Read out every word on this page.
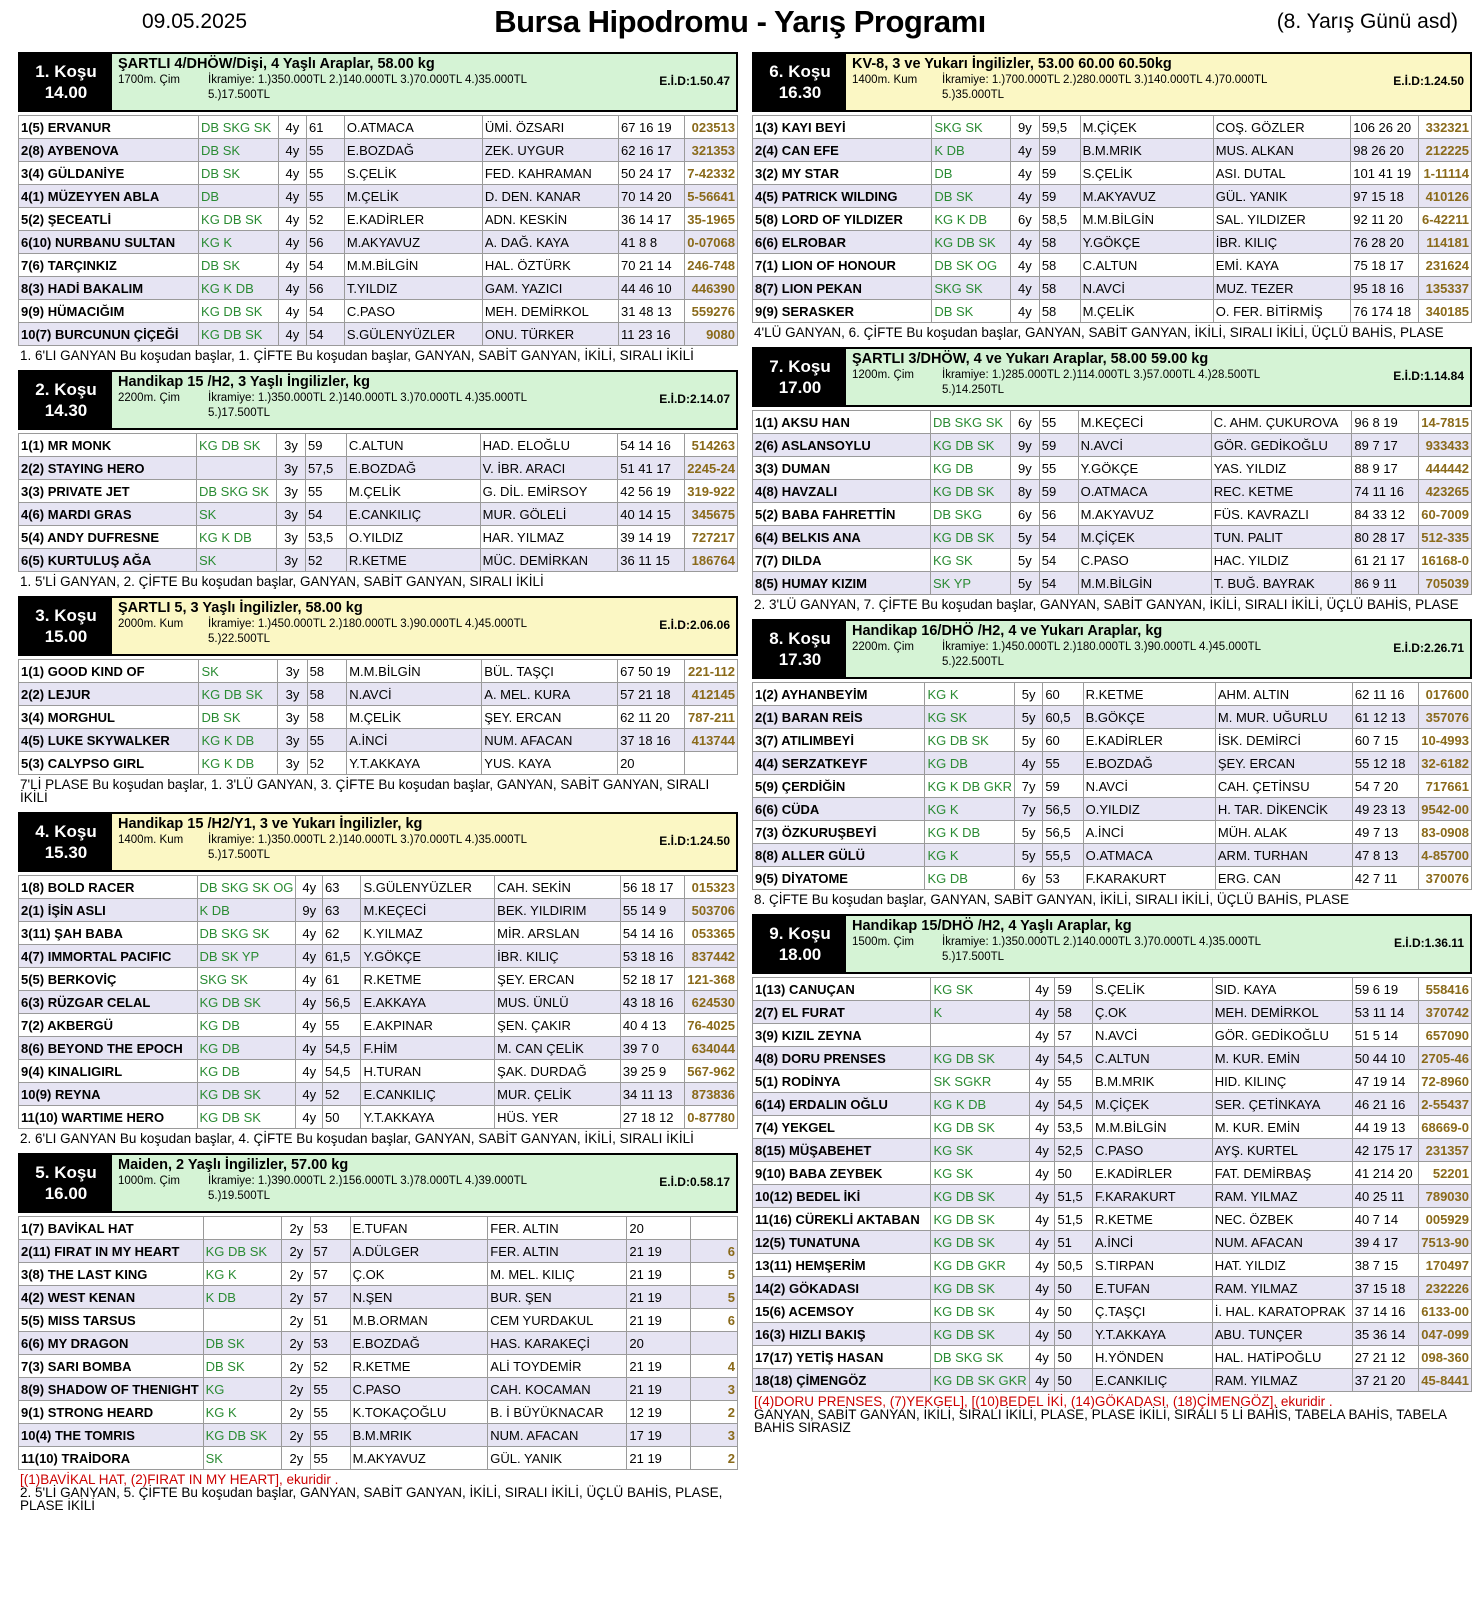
09.05.2025	Bursa Hipodromu - Yarış Programı	(8. Yarış Günü asd)
1. Koşu
14.00
ŞARTLI 4/DHÖW/Dişi, 4 Yaşlı Araplar, 58.00 kg
1700m. Çim İkramiye: 1.)350.000TL 2.)140.000TL 3.)70.000TL 4.)35.000TL
5.)17.500TL
E.İ.D:1.50.47
1(5) ERVANUR	DB SKG SK	4y	61	O.ATMACA	ÜMİ. ÖZSARI	67 16 19	023513
2(8) AYBENOVA	DB SK	4y	55	E.BOZDAĞ	ZEK. UYGUR	62 16 17	321353
3(4) GÜLDANİYE	DB SK	4y	55	S.ÇELİK	FED. KAHRAMAN	50 24 17	7-42332
4(1) MÜZEYYEN ABLA	DB	4y	55	M.ÇELİK	D. DEN. KANAR	70 14 20	5-56641
5(2) ŞECEATLİ	KG DB SK	4y	52	E.KADİRLER	ADN. KESKİN	36 14 17	35-1965
6(10) NURBANU SULTAN	KG K	4y	56	M.AKYAVUZ	A. DAĞ. KAYA	41 8 8	0-07068
7(6) TARÇINKIZ	DB SK	4y	54	M.M.BİLGİN	HAL. ÖZTÜRK	70 21 14	246-748
8(3) HADİ BAKALIM	KG K DB	4y	56	T.YILDIZ	GAM. YAZICI	44 46 10	446390
9(9) HÜMACIĞIM	KG DB SK	4y	54	C.PASO	MEH. DEMİRKOL	31 48 13	559276
10(7) BURCUNUN ÇİÇEĞİ	KG DB SK	4y	54	S.GÜLENYÜZLER	ONU. TÜRKER	11 23 16	9080
1. 6'LI GANYAN Bu koşudan başlar, 1. ÇİFTE Bu koşudan başlar, GANYAN, SABİT GANYAN, İKİLİ, SIRALI İKİLİ
2. Koşu
14.30
Handikap 15 /H2, 3 Yaşlı İngilizler, kg
2200m. Çim İkramiye: 1.)350.000TL 2.)140.000TL 3.)70.000TL 4.)35.000TL
5.)17.500TL
E.İ.D:2.14.07
1(1) MR MONK	KG DB SK	3y	59	C.ALTUN	HAD. ELOĞLU	54 14 16	514263
2(2) STAYING HERO		3y	57,5	E.BOZDAĞ	V. İBR. ARACI	51 41 17	2245-24
3(3) PRIVATE JET	DB SKG SK	3y	55	M.ÇELİK	G. DİL. EMİRSOY	42 56 19	319-922
4(6) MARDI GRAS	SK	3y	54	E.CANKILIÇ	MUR. GÖLELİ	40 14 15	345675
5(4) ANDY DUFRESNE	KG K DB	3y	53,5	O.YILDIZ	HAR. YILMAZ	39 14 19	727217
6(5) KURTULUŞ AĞA	SK	3y	52	R.KETME	MÜC. DEMİRKAN	36 11 15	186764
1. 5'Lİ GANYAN, 2. ÇİFTE Bu koşudan başlar, GANYAN, SABİT GANYAN, SIRALI İKİLİ
3. Koşu
15.00
ŞARTLI 5, 3 Yaşlı İngilizler, 58.00 kg
2000m. Kum İkramiye: 1.)450.000TL 2.)180.000TL 3.)90.000TL 4.)45.000TL
5.)22.500TL
E.İ.D:2.06.06
1(1) GOOD KIND OF	SK	3y	58	M.M.BİLGİN	BÜL. TAŞÇI	67 50 19	221-112
2(2) LEJUR	KG DB SK	3y	58	N.AVCİ	A. MEL. KURA	57 21 18	412145
3(4) MORGHUL	DB SK	3y	58	M.ÇELİK	ŞEY. ERCAN	62 11 20	787-211
4(5) LUKE SKYWALKER	KG K DB	3y	55	A.İNCİ	NUM. AFACAN	37 18 16	413744
5(3) CALYPSO GIRL	KG K DB	3y	52	Y.T.AKKAYA	YUS. KAYA	20	
7'Lİ PLASE Bu koşudan başlar, 1. 3'LÜ GANYAN, 3. ÇİFTE Bu koşudan başlar, GANYAN, SABİT GANYAN, SIRALI İKİLİ
4. Koşu
15.30
Handikap 15 /H2/Y1, 3 ve Yukarı İngilizler, kg
1400m. Kum İkramiye: 1.)350.000TL 2.)140.000TL 3.)70.000TL 4.)35.000TL
5.)17.500TL
E.İ.D:1.24.50
1(8) BOLD RACER	DB SKG SK OG	4y	63	S.GÜLENYÜZLER	CAH. SEKİN	56 18 17	015323
2(1) İŞİN ASLI	K DB	9y	63	M.KEÇECİ	BEK. YILDIRIM	55 14 9	503706
3(11) ŞAH BABA	DB SKG SK	4y	62	K.YILMAZ	MİR. ARSLAN	54 14 16	053365
4(7) IMMORTAL PACIFIC	DB SK YP	4y	61,5	Y.GÖKÇE	İBR. KILIÇ	53 18 16	837442
5(5) BERKOVİÇ	SKG SK	4y	61	R.KETME	ŞEY. ERCAN	52 18 17	121-368
6(3) RÜZGAR CELAL	KG DB SK	4y	56,5	E.AKKAYA	MUS. ÜNLÜ	43 18 16	624530
7(2) AKBERGÜ	KG DB	4y	55	E.AKPINAR	ŞEN. ÇAKIR	40 4 13	76-4025
8(6) BEYOND THE EPOCH	KG DB	4y	54,5	F.HİM	M. CAN ÇELİK	39 7 0	634044
9(4) KINALIGIRL	KG DB	4y	54,5	H.TURAN	ŞAK. DURDAĞ	39 25 9	567-962
10(9) REYNA	KG DB SK	4y	52	E.CANKILIÇ	MUR. ÇELİK	34 11 13	873836
11(10) WARTIME HERO	KG DB SK	4y	50	Y.T.AKKAYA	HÜS. YER	27 18 12	0-87780
2. 6'LI GANYAN Bu koşudan başlar, 4. ÇİFTE Bu koşudan başlar, GANYAN, SABİT GANYAN, İKİLİ, SIRALI İKİLİ
5. Koşu
16.00
Maiden, 2 Yaşlı İngilizler, 57.00 kg
1000m. Çim İkramiye: 1.)390.000TL 2.)156.000TL 3.)78.000TL 4.)39.000TL
5.)19.500TL
E.İ.D:0.58.17
1(7) BAVİKAL HAT		2y	53	E.TUFAN	FER. ALTIN	20	
2(11) FIRAT IN MY HEART	KG DB SK	2y	57	A.DÜLGER	FER. ALTIN	21 19	6
3(8) THE LAST KING	KG K	2y	57	Ç.OK	M. MEL. KILIÇ	21 19	5
4(2) WEST KENAN	K DB	2y	57	N.ŞEN	BUR. ŞEN	21 19	5
5(5) MISS TARSUS		2y	51	M.B.ORMAN	CEM YURDAKUL	21 19	6
6(6) MY DRAGON	DB SK	2y	53	E.BOZDAĞ	HAS. KARAKEÇİ	20	
7(3) SARI BOMBA	DB SK	2y	52	R.KETME	ALİ TOYDEMİR	21 19	4
8(9) SHADOW OF THENIGHT	KG	2y	55	C.PASO	CAH. KOCAMAN	21 19	3
9(1) STRONG HEARD	KG K	2y	55	K.TOKAÇOĞLU	B. İ BÜYÜKNACAR	12 19	2
10(4) THE TOMRIS	KG DB SK	2y	55	B.M.MRIK	NUM. AFACAN	17 19	3
11(10) TRAİDORA	SK	2y	55	M.AKYAVUZ	GÜL. YANIK	21 19	2
[(1)BAVİKAL HAT, (2)FIRAT IN MY HEART], ekuridir .
2. 5'Lİ GANYAN, 5. ÇİFTE Bu koşudan başlar, GANYAN, SABİT GANYAN, İKİLİ, SIRALI İKİLİ, ÜÇLÜ BAHİS, PLASE, PLASE İKİLİ
6. Koşu
16.30
KV-8, 3 ve Yukarı İngilizler, 53.00 60.00 60.50kg
1400m. Kum İkramiye: 1.)700.000TL 2.)280.000TL 3.)140.000TL 4.)70.000TL
5.)35.000TL
E.İ.D:1.24.50
1(3) KAYI BEYİ	SKG SK	9y	59,5	M.ÇİÇEK	COŞ. GÖZLER	106 26 20	332321
2(4) CAN EFE	K DB	4y	59	B.M.MRIK	MUS. ALKAN	98 26 20	212225
3(2) MY STAR	DB	4y	59	S.ÇELİK	ASI. DUTAL	101 41 19	1-11114
4(5) PATRICK WILDING	DB SK	4y	59	M.AKYAVUZ	GÜL. YANIK	97 15 18	410126
5(8) LORD OF YILDIZER	KG K DB	6y	58,5	M.M.BİLGİN	SAL. YILDIZER	92 11 20	6-42211
6(6) ELROBAR	KG DB SK	4y	58	Y.GÖKÇE	İBR. KILIÇ	76 28 20	114181
7(1) LION OF HONOUR	DB SK OG	4y	58	C.ALTUN	EMİ. KAYA	75 18 17	231624
8(7) LION PEKAN	SKG SK	4y	58	N.AVCİ	MUZ. TEZER	95 18 16	135337
9(9) SERASKER	DB SK	4y	58	M.ÇELİK	O. FER. BİTİRMİŞ	76 174 18	340185
4'LÜ GANYAN, 6. ÇİFTE Bu koşudan başlar, GANYAN, SABİT GANYAN, İKİLİ, SIRALI İKİLİ, ÜÇLÜ BAHİS, PLASE
7. Koşu
17.00
ŞARTLI 3/DHÖW, 4 ve Yukarı Araplar, 58.00 59.00 kg
1200m. Çim İkramiye: 1.)285.000TL 2.)114.000TL 3.)57.000TL 4.)28.500TL
5.)14.250TL
E.İ.D:1.14.84
1(1) AKSU HAN	DB SKG SK	6y	55	M.KEÇECİ	C. AHM. ÇUKUROVA	96 8 19	14-7815
2(6) ASLANSOYLU	KG DB SK	9y	59	N.AVCİ	GÖR. GEDİKOĞLU	89 7 17	933433
3(3) DUMAN	KG DB	9y	55	Y.GÖKÇE	YAS. YILDIZ	88 9 17	444442
4(8) HAVZALI	KG DB SK	8y	59	O.ATMACA	REC. KETME	74 11 16	423265
5(2) BABA FAHRETTİN	DB SKG	6y	56	M.AKYAVUZ	FÜS. KAVRAZLI	84 33 12	60-7009
6(4) BELKIS ANA	KG DB SK	5y	54	M.ÇİÇEK	TUN. PALIT	80 28 17	512-335
7(7) DILDA	KG SK	5y	54	C.PASO	HAC. YILDIZ	61 21 17	16168-0
8(5) HUMAY KIZIM	SK YP	5y	54	M.M.BİLGİN	T. BUĞ. BAYRAK	86 9 11	705039
2. 3'LÜ GANYAN, 7. ÇİFTE Bu koşudan başlar, GANYAN, SABİT GANYAN, İKİLİ, SIRALI İKİLİ, ÜÇLÜ BAHİS, PLASE
8. Koşu
17.30
Handikap 16/DHÖ /H2, 4 ve Yukarı Araplar, kg
2200m. Çim İkramiye: 1.)450.000TL 2.)180.000TL 3.)90.000TL 4.)45.000TL
5.)22.500TL
E.İ.D:2.26.71
1(2) AYHANBEYİM	KG K	5y	60	R.KETME	AHM. ALTIN	62 11 16	017600
2(1) BARAN REİS	KG SK	5y	60,5	B.GÖKÇE	M. MUR. UĞURLU	61 12 13	357076
3(7) ATILIMBEYİ	KG DB SK	5y	60	E.KADİRLER	İSK. DEMİRCİ	60 7 15	10-4993
4(4) SERZATKEYF	KG DB	4y	55	E.BOZDAĞ	ŞEY. ERCAN	55 12 18	32-6182
5(9) ÇERDİĞİN	KG K DB GKR	7y	59	N.AVCİ	CAH. ÇETİNSU	54 7 20	717661
6(6) CÜDA	KG K	7y	56,5	O.YILDIZ	H. TAR. DİKENCİK	49 23 13	9542-00
7(3) ÖZKURUŞBEYİ	KG K DB	5y	56,5	A.İNCİ	MÜH. ALAK	49 7 13	83-0908
8(8) ALLER GÜLÜ	KG K	5y	55,5	O.ATMACA	ARM. TURHAN	47 8 13	4-85700
9(5) DİYATOME	KG DB	6y	53	F.KARAKURT	ERG. CAN	42 7 11	370076
8. ÇİFTE Bu koşudan başlar, GANYAN, SABİT GANYAN, İKİLİ, SIRALI İKİLİ, ÜÇLÜ BAHİS, PLASE
9. Koşu
18.00
Handikap 15/DHÖ /H2, 4 Yaşlı Araplar, kg
1500m. Çim İkramiye: 1.)350.000TL 2.)140.000TL 3.)70.000TL 4.)35.000TL
5.)17.500TL
E.İ.D:1.36.11
1(13) CANUÇAN	KG SK	4y	59	S.ÇELİK	SID. KAYA	59 6 19	558416
2(7) EL FURAT	K	4y	58	Ç.OK	MEH. DEMİRKOL	53 11 14	370742
3(9) KIZIL ZEYNA		4y	57	N.AVCİ	GÖR. GEDİKOĞLU	51 5 14	657090
4(8) DORU PRENSES	KG DB SK	4y	54,5	C.ALTUN	M. KUR. EMİN	50 44 10	2705-46
5(1) RODİNYA	SK SGKR	4y	55	B.M.MRIK	HID. KILINÇ	47 19 14	72-8960
6(14) ERDALIN OĞLU	KG K DB	4y	54,5	M.ÇİÇEK	SER. ÇETİNKAYA	46 21 16	2-55437
7(4) YEKGEL	KG DB SK	4y	53,5	M.M.BİLGİN	M. KUR. EMİN	44 19 13	68669-0
8(15) MÜŞABEHET	KG SK	4y	52,5	C.PASO	AYŞ. KURTEL	42 175 17	231357
9(10) BABA ZEYBEK	KG SK	4y	50	E.KADİRLER	FAT. DEMİRBAŞ	41 214 20	52201
10(12) BEDEL İKİ	KG DB SK	4y	51,5	F.KARAKURT	RAM. YILMAZ	40 25 11	789030
11(16) CÜREKLİ AKTABAN	KG DB SK	4y	51,5	R.KETME	NEC. ÖZBEK	40 7 14	005929
12(5) TUNATUNA	KG DB SK	4y	51	A.İNCİ	NUM. AFACAN	39 4 17	7513-90
13(11) HEMŞERİM	KG DB GKR	4y	50,5	S.TIRPAN	HAT. YILDIZ	38 7 15	170497
14(2) GÖKADASI	KG DB SK	4y	50	E.TUFAN	RAM. YILMAZ	37 15 18	232226
15(6) ACEMSOY	KG DB SK	4y	50	Ç.TAŞÇI	İ. HAL. KARATOPRAK	37 14 16	6133-00
16(3) HIZLI BAKIŞ	KG DB SK	4y	50	Y.T.AKKAYA	ABU. TUNÇER	35 36 14	047-099
17(17) YETİŞ HASAN	DB SKG SK	4y	50	H.YÖNDEN	HAL. HATİPOĞLU	27 21 12	098-360
18(18) ÇİMENGÖZ	KG DB SK GKR	4y	50	E.CANKILIÇ	RAM. YILMAZ	37 21 20	45-8441
[(4)DORU PRENSES, (7)YEKGEL], [(10)BEDEL İKİ, (14)GÖKADASI, (18)ÇİMENGÖZ], ekuridir .
GANYAN, SABİT GANYAN, İKİLİ, SIRALI İKİLİ, PLASE, PLASE İKİLİ, SIRALI 5 Lİ BAHİS, TABELA BAHİS, TABELA BAHİS SIRASIZ
